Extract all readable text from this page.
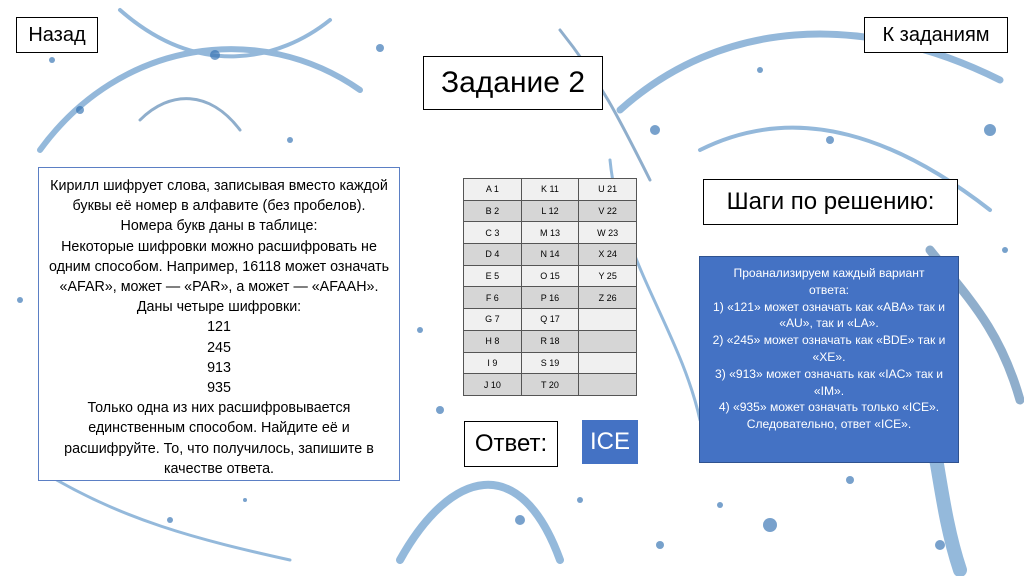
Назад	К заданиям
Задание 2

Кирилл шифрует слова, записывая вместо каждой буквы её номер в алфавите (без пробелов). Номера букв даны в таблице:

Некоторые шифровки можно расшифровать не одним способом. Например, 16118 может означать «AFAR», может — «PAR», а может — «AFAAH». Даны четыре шифровки:

121
245
913
935

Только одна из них расшифровывается единственным способом. Найдите её и расшифруйте. То, что получилось, запишите в качестве ответа.

A 1	K 11	U 21
B 2	L 12	V 22
C 3	M 13	W 23
D 4	N 14	X 24
E 5	O 15	Y 25
F 6	P 16	Z 26
G 7	Q 17	
H 8	R 18	
I 9	S 19	
J 10	T 20	
Ответ:	ICE
Шаги по решению:

Проанализируем каждый вариант ответа:

1) «121» может означать как «ABA» так и «AU», так и «LA».

2) «245» может означать как «BDE» так и «XE».

3) «913» может означать как «IAC» так и «IM».

4) «935» может означать только «ICE».

Следовательно, ответ «ICE».
